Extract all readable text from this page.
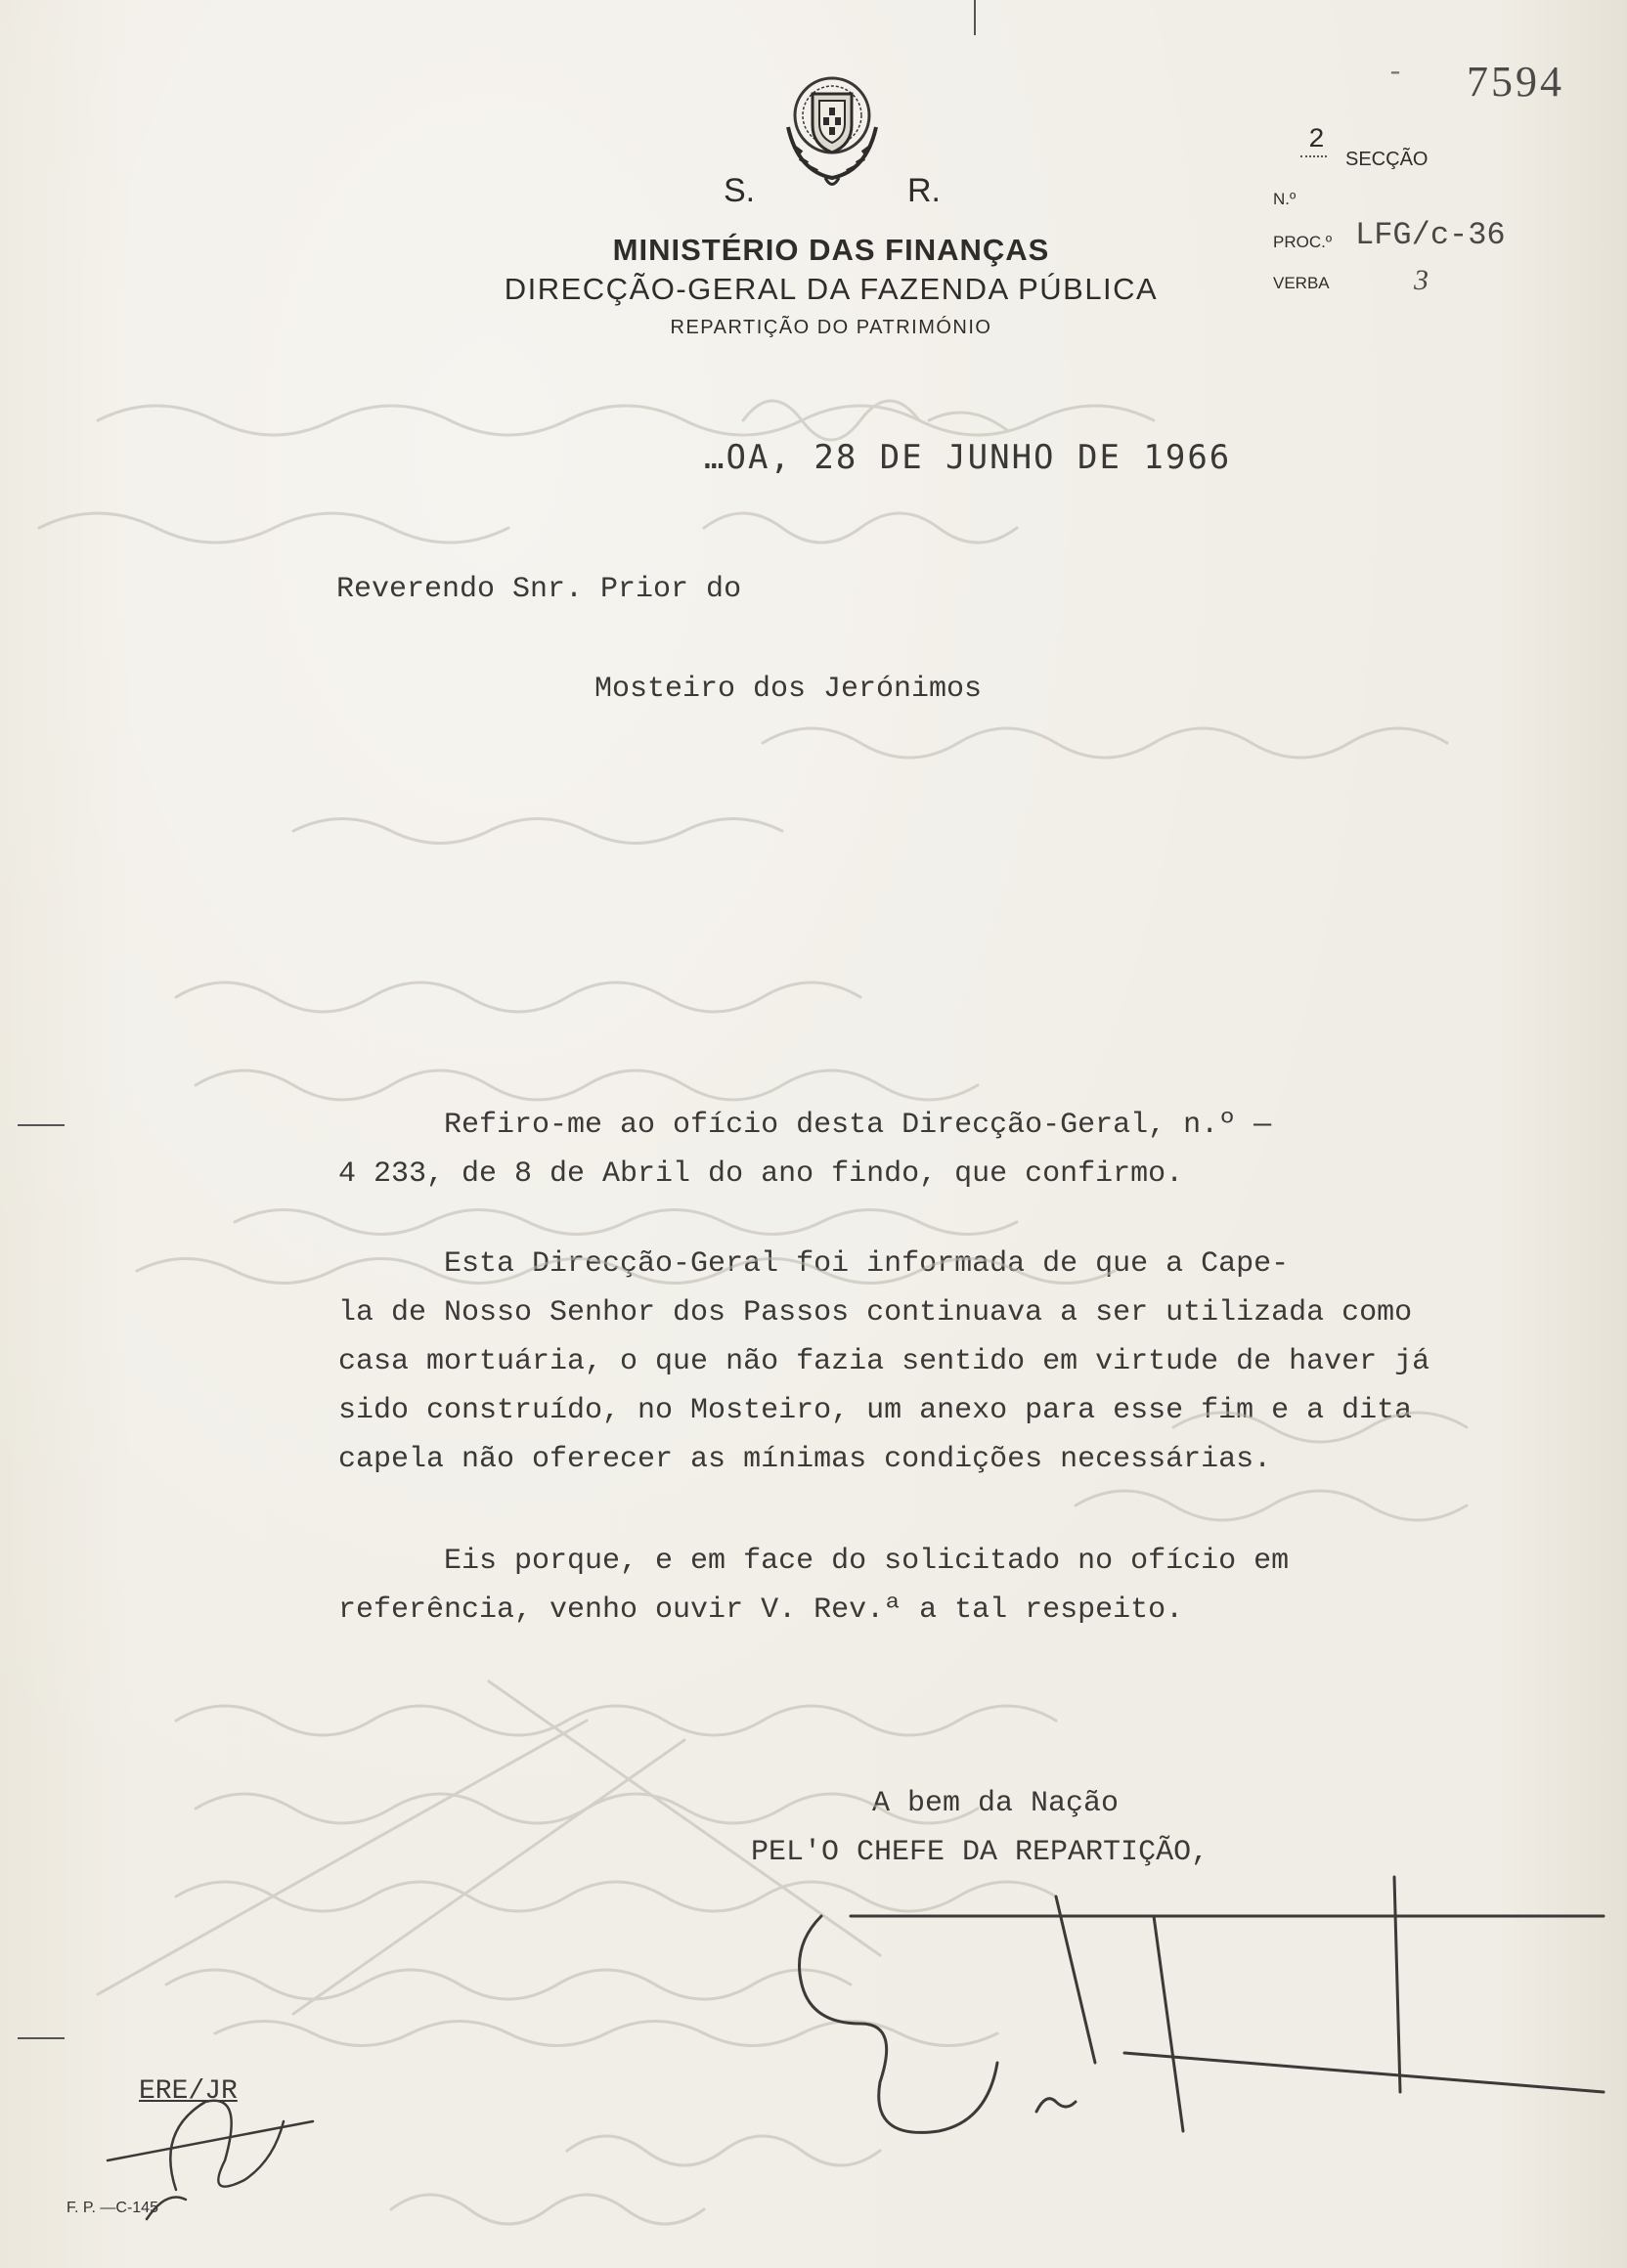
- 7594
S.	R.
MINISTÉRIO DAS FINANÇAS
DIRECÇÃO-GERAL DA FAZENDA PÚBLICA
REPARTIÇÃO DO PATRIMÓNIO
2
SECÇÃO
N.º
PROC.º LFG/c-36
VERBA	3
…OA, 28 DE JUNHO DE 1966
Reverendo Snr. Prior do
Mosteiro dos Jerónimos
Refiro-me ao ofício desta Direcção-Geral, n.º —
4 233, de 8 de Abril do ano findo, que confirmo.
Esta Direcção-Geral foi informada de que a Cape-
la de Nosso Senhor dos Passos continuava a ser utilizada como
casa mortuária, o que não fazia sentido em virtude de haver já
sido construído, no Mosteiro, um anexo para esse fim e a dita
capela não oferecer as mínimas condições necessárias.
Eis porque, e em face do solicitado no ofício em
referência, venho ouvir V. Rev.ª a tal respeito.
A bem da Nação
PEL'O CHEFE DA REPARTIÇÃO,
ERE/JR
F. P. —C-145
